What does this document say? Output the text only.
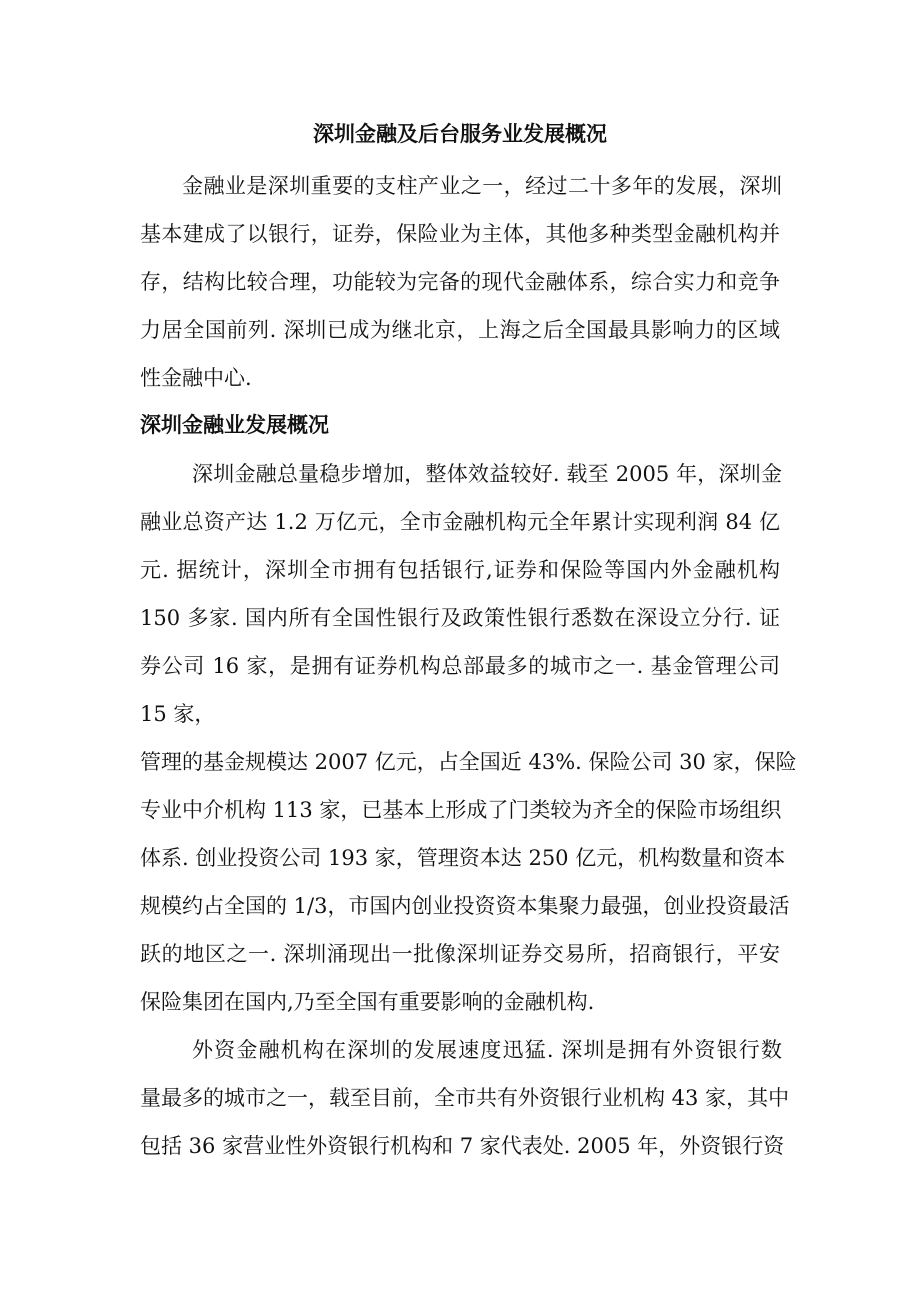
深圳金融及后台服务业发展概况
金融业是深圳重要的支柱产业之一，经过二十多年的发展，深圳
基本建成了以银行，证券，保险业为主体，其他多种类型金融机构并
存，结构比较合理，功能较为完备的现代金融体系，综合实力和竞争
力居全国前列. 深圳已成为继北京，上海之后全国最具影响力的区域
性金融中心.
深圳金融业发展概况
深圳金融总量稳步增加，整体效益较好. 载至 2005 年，深圳金
融业总资产达 1.2 万亿元，全市金融机构元全年累计实现利润 84 亿
元. 据统计，深圳全市拥有包括银行,证券和保险等国内外金融机构
150 多家. 国内所有全国性银行及政策性银行悉数在深设立分行. 证
券公司 16 家，是拥有证券机构总部最多的城市之一. 基金管理公司
15 家，
管理的基金规模达 2007 亿元，占全国近 43%. 保险公司 30 家，保险
专业中介机构 113 家，已基本上形成了门类较为齐全的保险市场组织
体系. 创业投资公司 193 家，管理资本达 250 亿元，机构数量和资本
规模约占全国的 1/3，市国内创业投资资本集聚力最强，创业投资最活
跃的地区之一. 深圳涌现出一批像深圳证券交易所，招商银行，平安
保险集团在国内,乃至全国有重要影响的金融机构.
外资金融机构在深圳的发展速度迅猛. 深圳是拥有外资银行数
量最多的城市之一，载至目前，全市共有外资银行业机构 43 家，其中
包括 36 家营业性外资银行机构和 7 家代表处. 2005 年，外资银行资
